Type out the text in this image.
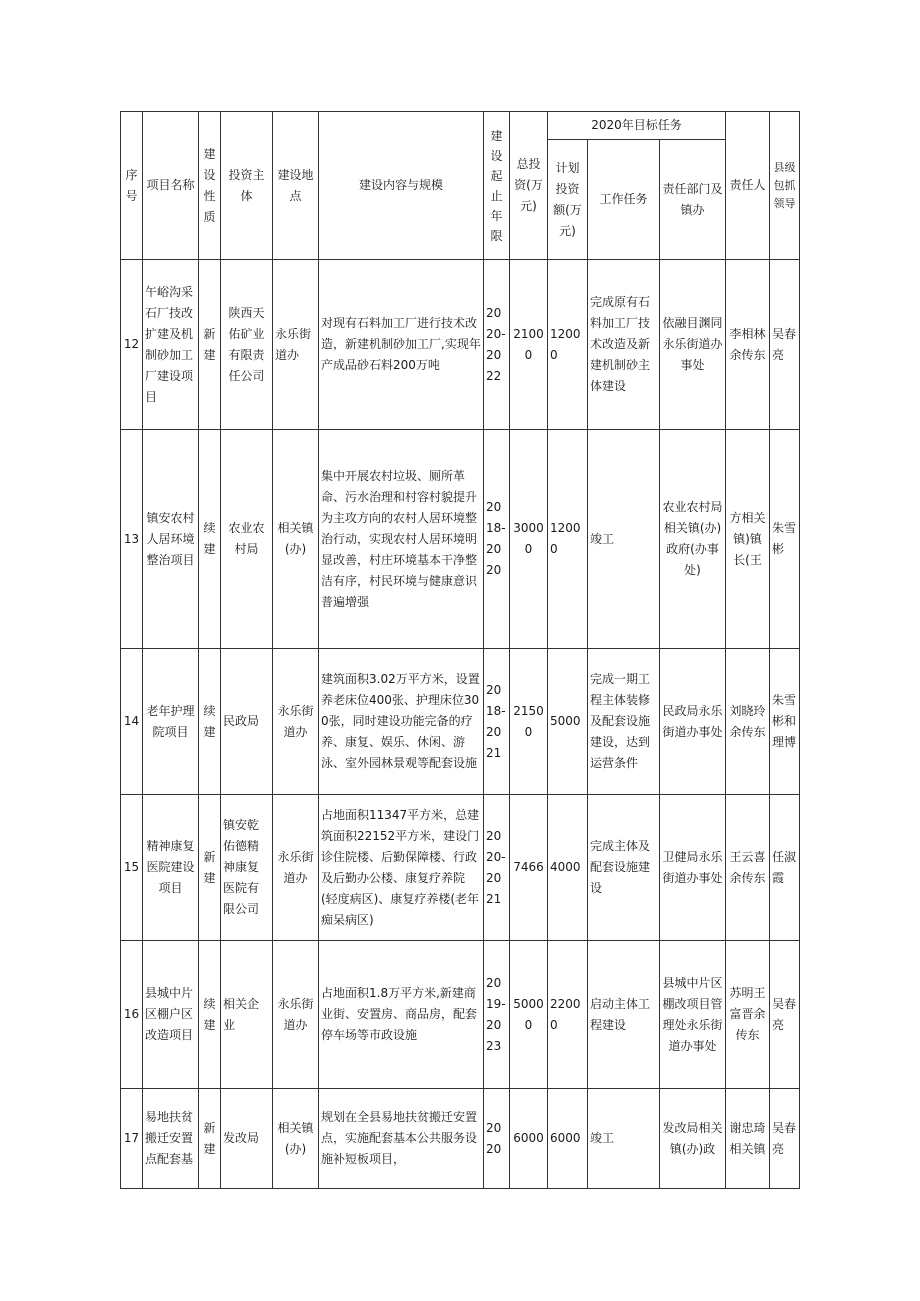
序号	项目名称	建设性质	投资主体	建设地点	建设内容与规模	建设起止年限	总投资(万元)	2020年目标任务			责任人	县级包抓领导
								计划投资额(万元)	工作任务	责任部门及镇办		
12	午峪沟采石厂技改扩建及机制砂加工厂建设项目	新建	陕西天佑矿业有限责任公司	永乐街道办	对现有石料加工厂进行技术改造，新建机制砂加工厂,实现年产成品砂石料200万吨	2020-2022	21000	12000	完成原有石料加工厂技术改造及新建机制砂主体建设	依融目渊同永乐街道办事处	李相林余传东	吴春亮
13	镇安农村人居环境整治项目	续建	农业农村局	相关镇(办)	集中开展农村垃圾、厕所革命、污水治理和村容村貌提升为主攻方向的农村人居环境整治行动，实现农村人居环境明显改善，村庄环境基本干净整洁有序，村民环境与健康意识普遍增强	2018-2020	30000	12000	竣工	农业农村局相关镇(办)政府(办事处)	方相关镇)镇长(王	朱雪彬
14	老年护理院项目	续建	民政局	永乐街道办	建筑面积3.02万平方米，设置养老床位400张、护理床位300张，同时建设功能完备的疗养、康复、娱乐、休闲、游泳、室外园林景观等配套设施	2018-2021	21500	5000	完成一期工程主体装修及配套设施建设，达到运营条件	民政局永乐街道办事处	刘晓玲余传东	朱雪彬和理博
15	精神康复医院建设项目	新建	镇安乾佑德精神康复医院有限公司	永乐街道办	占地面积11347平方米，总建筑面积22152平方米，建设门诊住院楼、后勤保障楼、行政及后勤办公楼、康复疗养院(轻度病区)、康复疗养楼(老年痴呆病区)	2020-2021	7466	4000	完成主体及配套设施建设	卫健局永乐街道办事处	王云喜余传东	任淑霞
16	县城中片区棚户区改造项目	续建	相关企业	永乐街道办	占地面积1.8万平方米,新建商业街、安置房、商品房，配套停车场等市政设施	2019-2023	50000	22000	启动主体工程建设	县城中片区棚改项目管理处永乐街道办事处	苏明王富晋余传东	吴春亮
17	易地扶贫搬迁安置点配套基	新建	发改局	相关镇(办)	规划在全县易地扶贫搬迁安置点，实施配套基本公共服务设施补短板项目，	2020	6000	6000	竣工	发改局相关镇(办)政	谢忠琦相关镇	吴春亮
